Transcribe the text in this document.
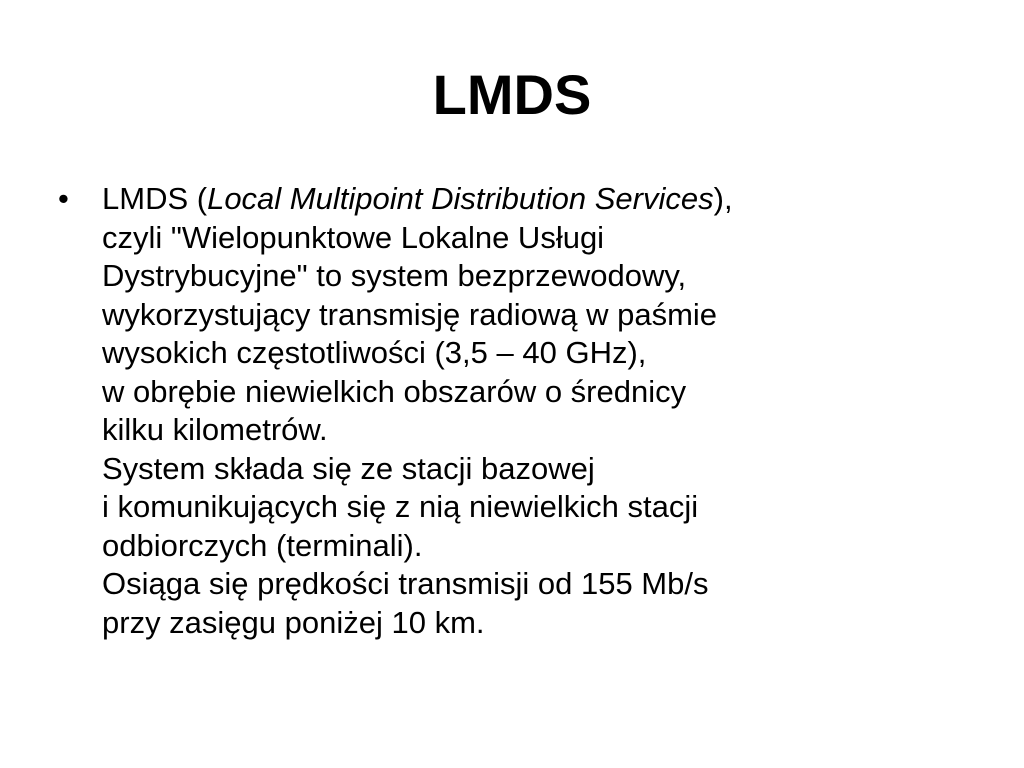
LMDS
• LMDS (Local Multipoint Distribution Services),
czyli "Wielopunktowe Lokalne Usługi
Dystrybucyjne" to system bezprzewodowy,
wykorzystujący transmisję radiową w paśmie
wysokich częstotliwości (3,5 – 40 GHz),
w obrębie niewielkich obszarów o średnicy
kilku kilometrów.
System składa się ze stacji bazowej
i komunikujących się z nią niewielkich stacji
odbiorczych (terminali).
Osiąga się prędkości transmisji od 155 Mb/s
przy zasięgu poniżej 10 km.
